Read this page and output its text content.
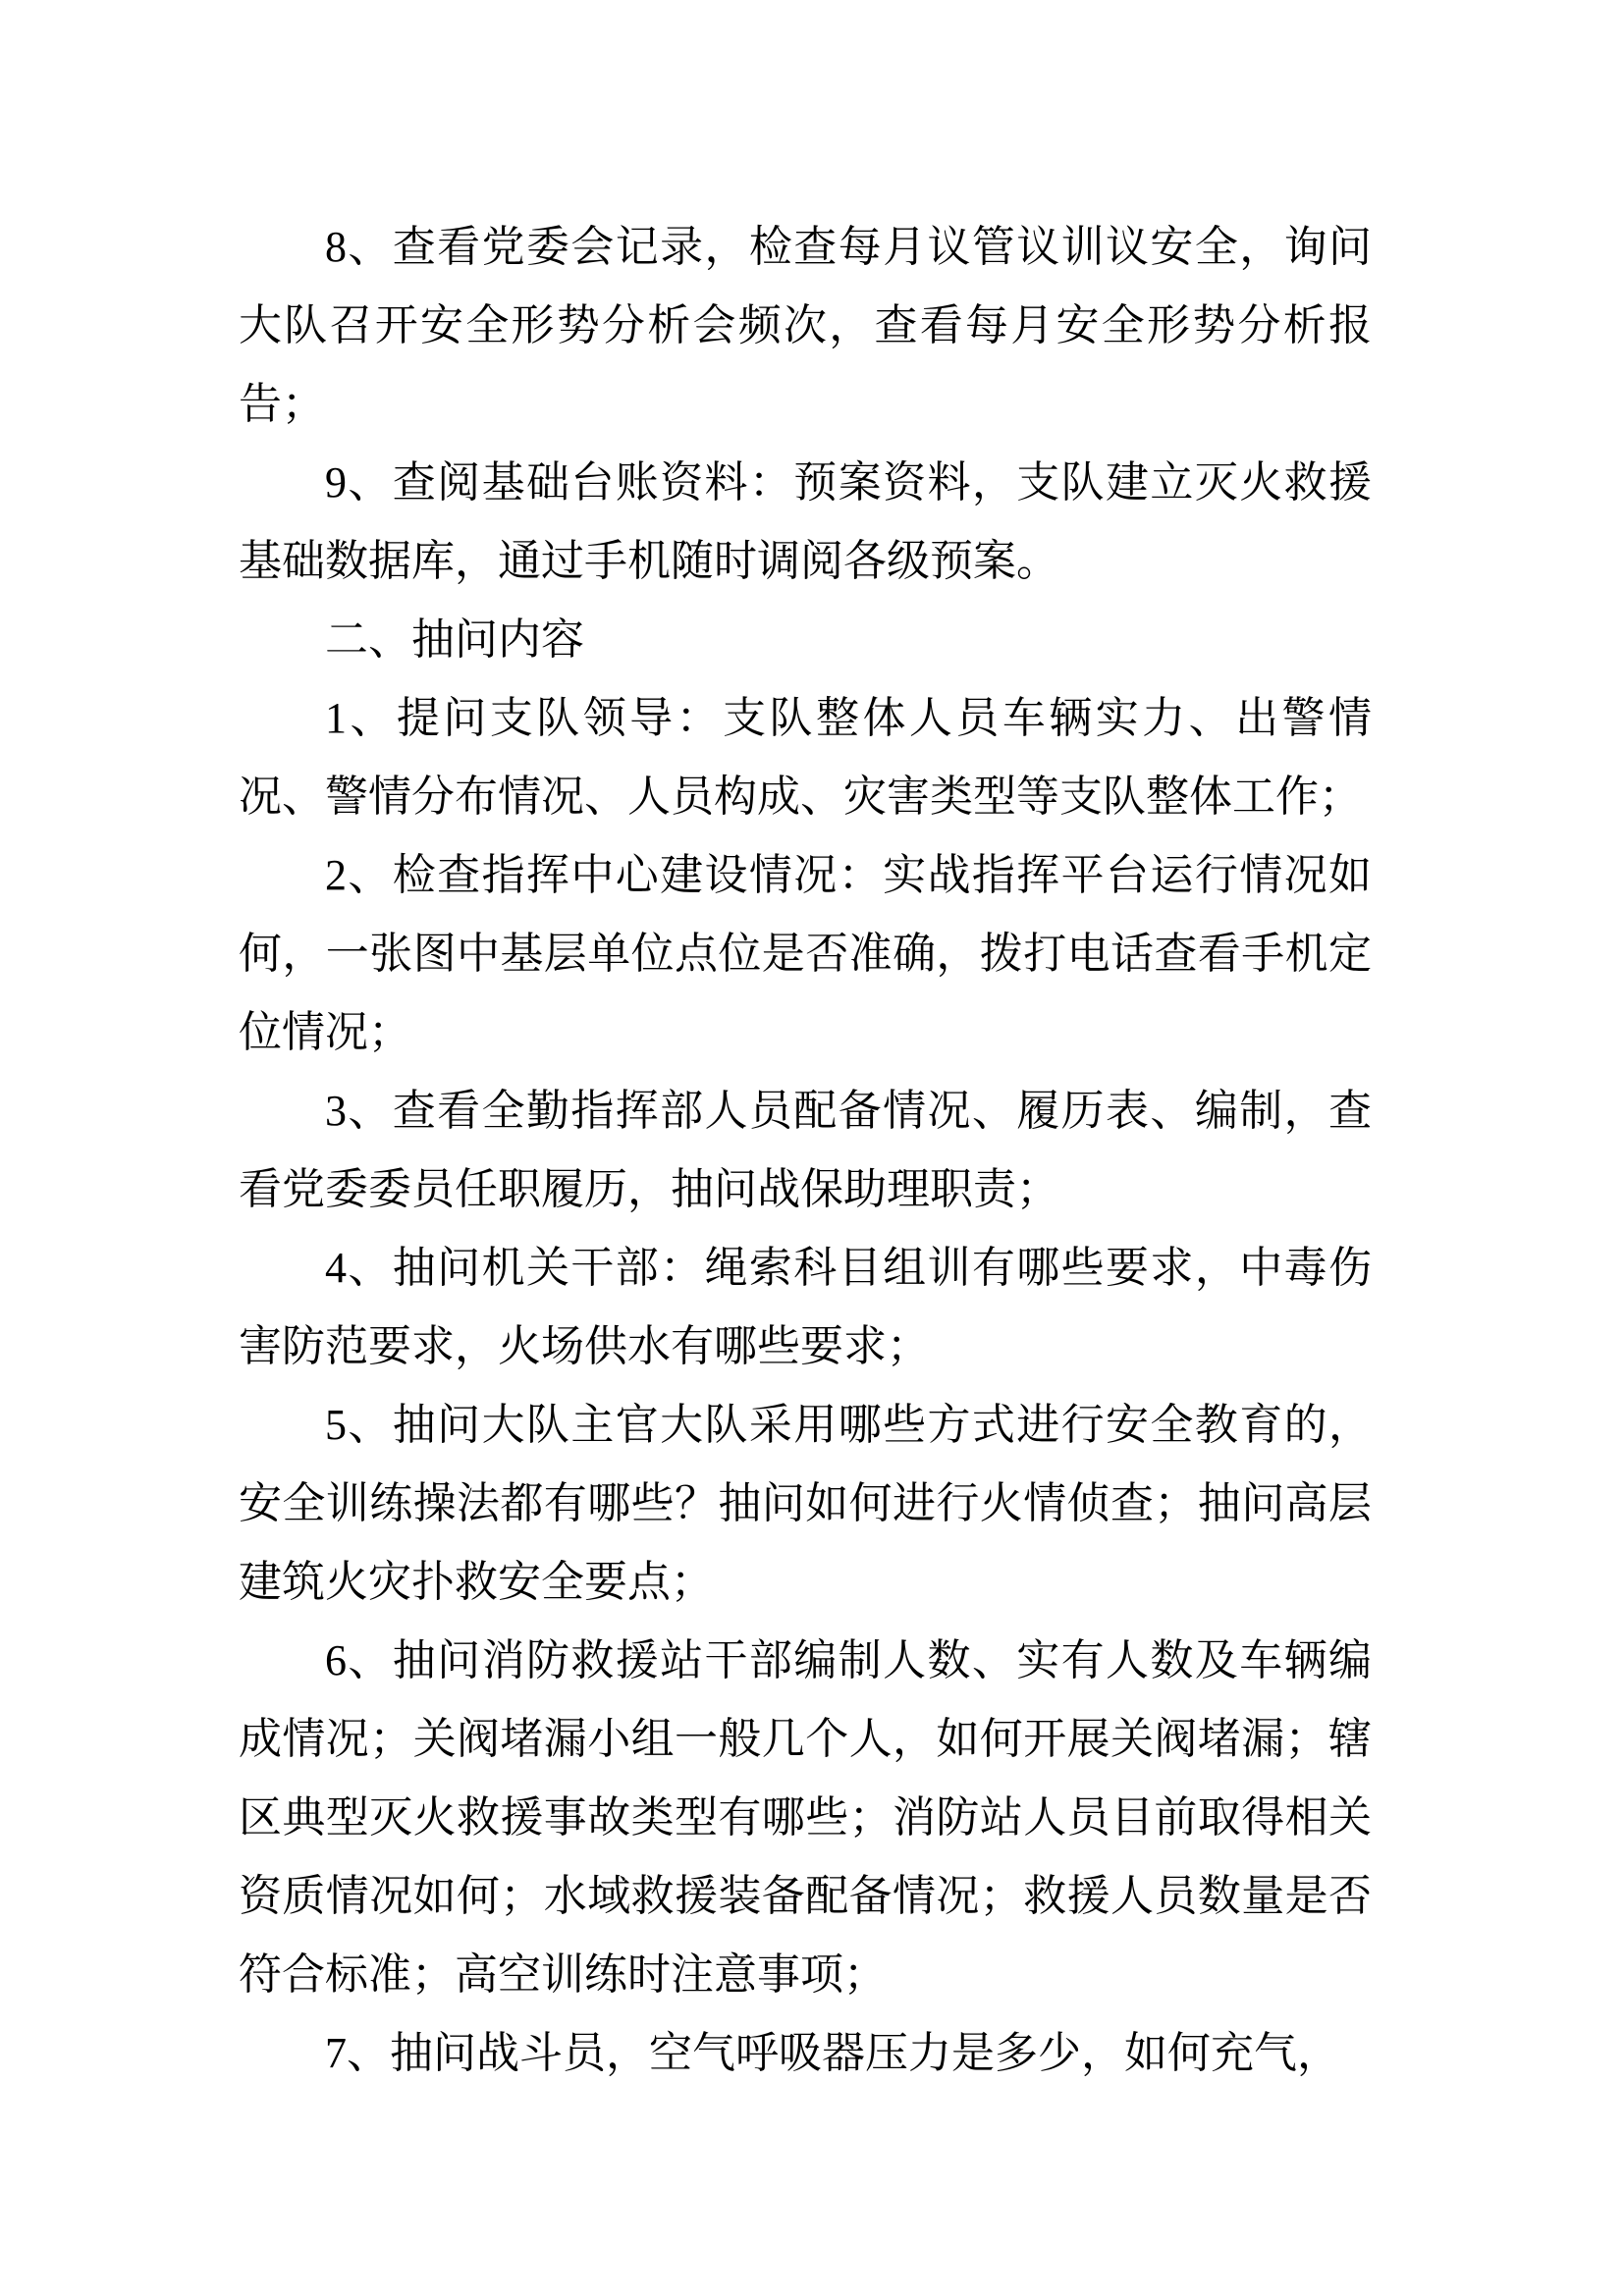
8、查看党委会记录，检查每月议管议训议安全，询问大队召开安全形势分析会频次，查看每月安全形势分析报告；

9、查阅基础台账资料：预案资料，支队建立灭火救援基础数据库，通过手机随时调阅各级预案。

二、抽问内容

1、提问支队领导：支队整体人员车辆实力、出警情况、警情分布情况、人员构成、灾害类型等支队整体工作；

2、检查指挥中心建设情况：实战指挥平台运行情况如何，一张图中基层单位点位是否准确，拨打电话查看手机定位情况；

3、查看全勤指挥部人员配备情况、履历表、编制，查看党委委员任职履历，抽问战保助理职责；

4、抽问机关干部：绳索科目组训有哪些要求，中毒伤害防范要求，火场供水有哪些要求；

5、抽问大队主官大队采用哪些方式进行安全教育的，安全训练操法都有哪些？抽问如何进行火情侦查；抽问高层建筑火灾扑救安全要点；

6、抽问消防救援站干部编制人数、实有人数及车辆编成情况；关阀堵漏小组一般几个人，如何开展关阀堵漏；辖区典型灭火救援事故类型有哪些；消防站人员目前取得相关资质情况如何；水域救援装备配备情况；救援人员数量是否符合标准；高空训练时注意事项；

7、抽问战斗员，空气呼吸器压力是多少，如何充气，
